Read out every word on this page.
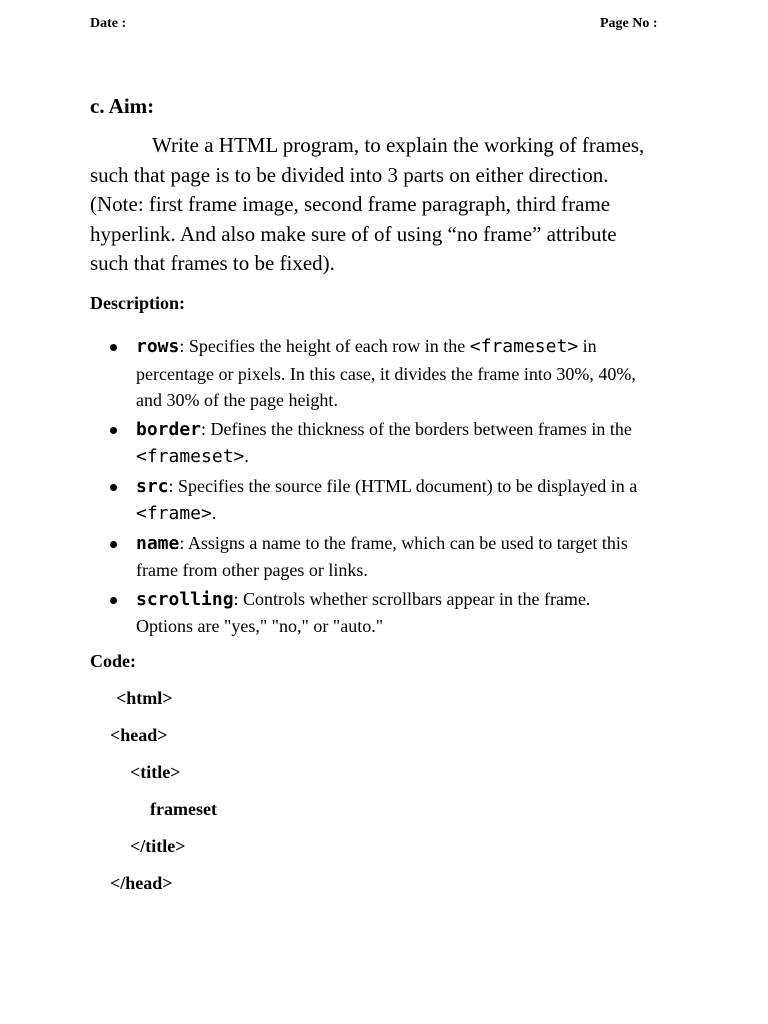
Date :	Page No :
c. Aim:

Write a HTML program, to explain the working of frames, such that page is to be divided into 3 parts on either direction. (Note: first frame image, second frame paragraph, third frame hyperlink. And also make sure of of using “no frame” attribute such that frames to be fixed).

Description:
rows: Specifies the height of each row in the <frameset> in percentage or pixels. In this case, it divides the frame into 30%, 40%, and 30% of the page height.
border: Defines the thickness of the borders between frames in the <frameset>.
src: Specifies the source file (HTML document) to be displayed in a <frame>.
name: Assigns a name to the frame, which can be used to target this frame from other pages or links.
scrolling: Controls whether scrollbars appear in the frame. Options are "yes," "no," or "auto."
Code:
<html>
<head>
<title>
frameset
</title>
</head>
